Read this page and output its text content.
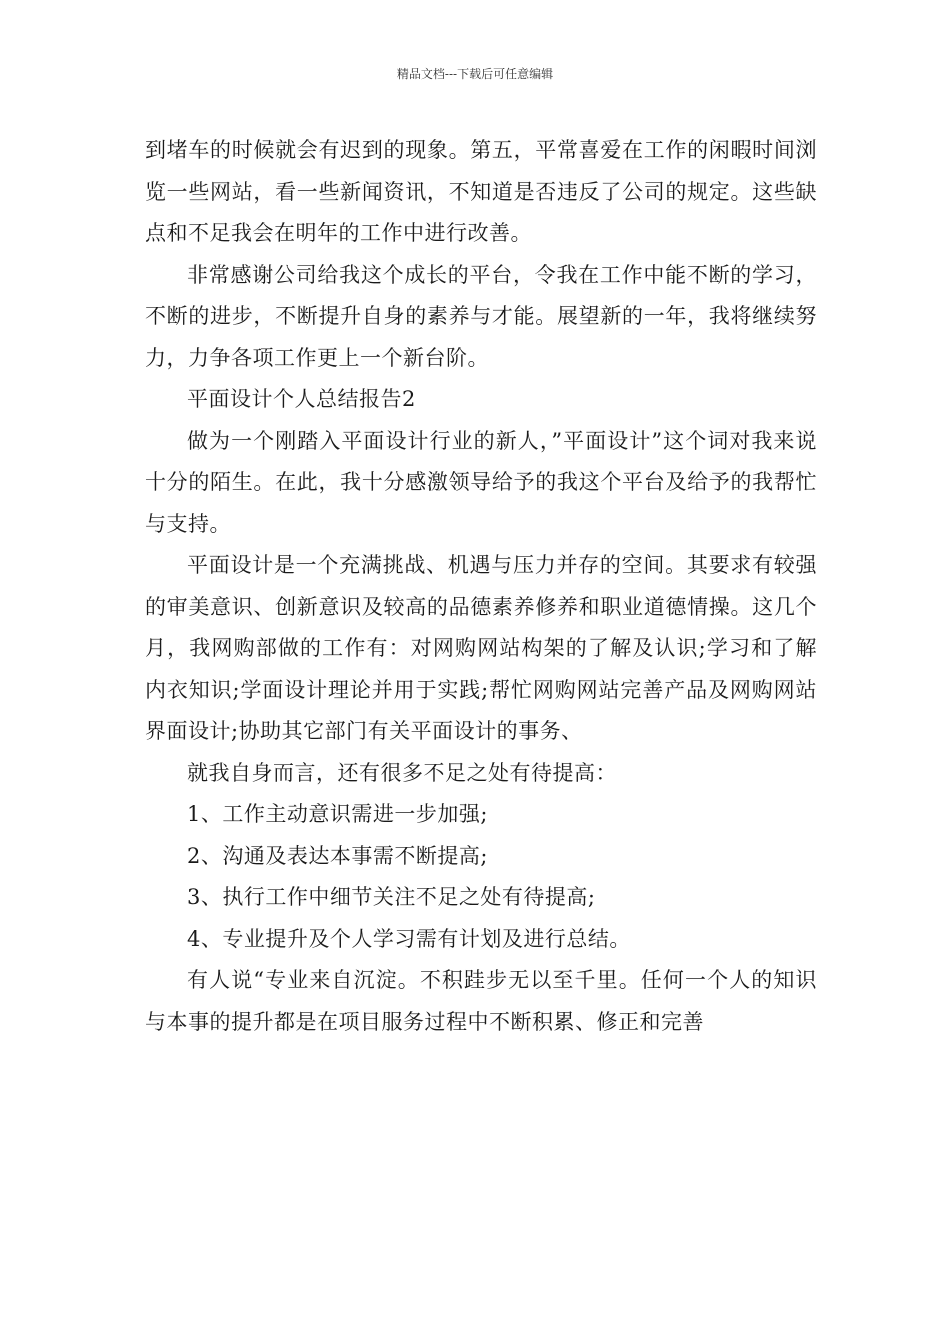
精品文档---下载后可任意编辑

到堵车的时候就会有迟到的现象。第五，平常喜爱在工作的闲暇时间浏览一些网站，看一些新闻资讯，不知道是否违反了公司的规定。这些缺点和不足我会在明年的工作中进行改善。

非常感谢公司给我这个成长的平台，令我在工作中能不断的学习，不断的进步，不断提升自身的素养与才能。展望新的一年，我将继续努力，力争各项工作更上一个新台阶。

平面设计个人总结报告2

做为一个刚踏入平面设计行业的新人，”平面设计”这个词对我来说十分的陌生。在此，我十分感激领导给予的我这个平台及给予的我帮忙与支持。

平面设计是一个充满挑战、机遇与压力并存的空间。其要求有较强的审美意识、创新意识及较高的品德素养修养和职业道德情操。这几个月，我网购部做的工作有：对网购网站构架的了解及认识;学习和了解内衣知识;学面设计理论并用于实践;帮忙网购网站完善产品及网购网站界面设计;协助其它部门有关平面设计的事务、

就我自身而言，还有很多不足之处有待提高：

1、工作主动意识需进一步加强;

2、沟通及表达本事需不断提高;

3、执行工作中细节关注不足之处有待提高;

4、专业提升及个人学习需有计划及进行总结。

有人说“专业来自沉淀。不积跬步无以至千里。任何一个人的知识与本事的提升都是在项目服务过程中不断积累、修正和完善
